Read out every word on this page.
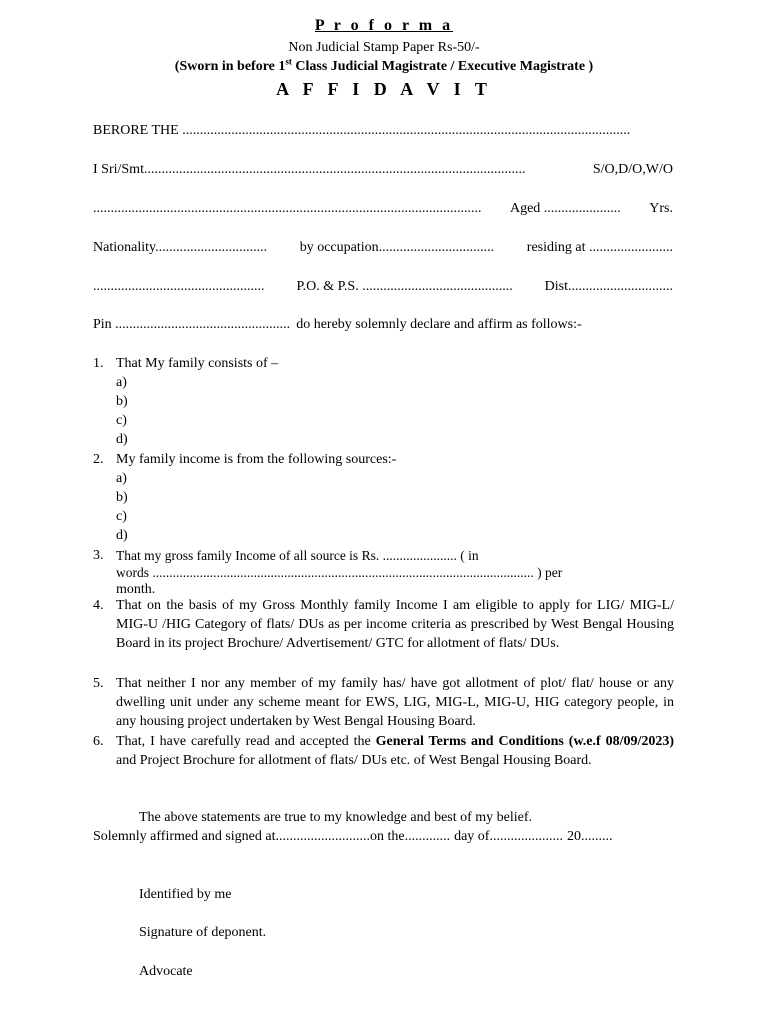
P r o f o r m a
Non Judicial Stamp Paper Rs-50/-
(Sworn in before 1st Class Judicial Magistrate / Executive Magistrate )
A F F I D A V I T
BERORE THE ................................................................................................................................
I Sri/Smt.............................................................................................................	S/O,D/O,W/O
............................................................................................................... Aged ...................... Yrs.
Nationality................................ by occupation................................. residing at ........................
................................................. P.O. & P.S. ........................................... Dist..............................
Pin .................................................. do hereby solemnly declare and affirm as follows:-
1. That My family consists of –
a)
b)
c)
d)
2. My family income is from the following sources:-
a)
b)
c)
d)
3. That my gross family Income of all source is Rs. ...................... ( in
words ................................................................................................................. ) per
month.
4. That on the basis of my Gross Monthly family Income I am eligible to apply for LIG/ MIG-L/ MIG-U /HIG Category of flats/ DUs as per income criteria as prescribed by West Bengal Housing Board in its project Brochure/ Advertisement/ GTC for allotment of flats/ DUs.
5. That neither I nor any member of my family has/ have got allotment of plot/ flat/ house or any dwelling unit under any scheme meant for EWS, LIG, MIG-L, MIG-U, HIG category people, in any housing project undertaken by West Bengal Housing Board.
6. That, I have carefully read and accepted the General Terms and Conditions (w.e.f 08/09/2023) and Project Brochure for allotment of flats/ DUs etc. of West Bengal Housing Board.
The above statements are true to my knowledge and best of my belief.
Solemnly affirmed and signed at........................... on the............. day of..................... 20.........
Identified by me
Signature of deponent.
Advocate
